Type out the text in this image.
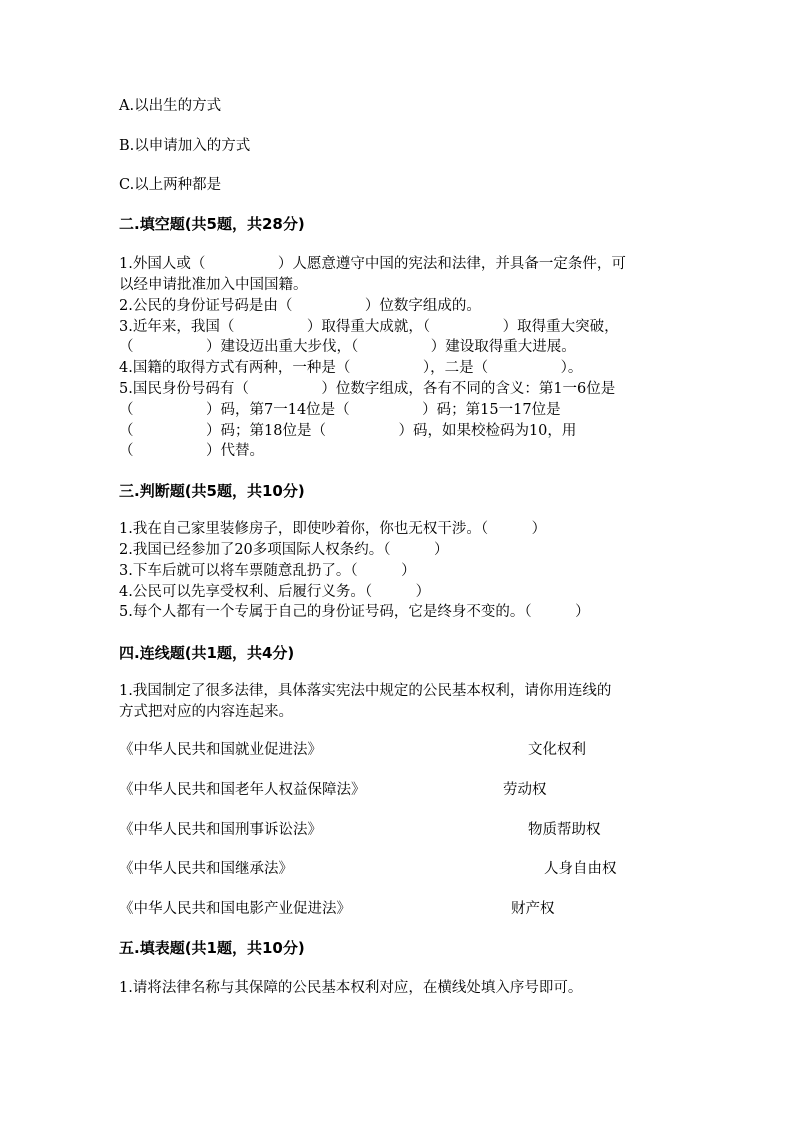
A.以出生的方式
B.以申请加入的方式
C.以上两种都是
二.填空题(共5题，共28分)
1.外国人或（　　　　　）人愿意遵守中国的宪法和法律，并具备一定条件，可
以经申请批准加入中国国籍。
2.公民的身份证号码是由（　　　　　）位数字组成的。
3.近年来，我国（　　　　　）取得重大成就，（　　　　　）取得重大突破，
（　　　　　）建设迈出重大步伐，（　　　　　）建设取得重大进展。
4.国籍的取得方式有两种，一种是（　　　　　），二是（　　　　　）。
5.国民身份号码有（　　　　　）位数字组成，各有不同的含义：第1一6位是
（　　　　　）码，第7一14位是（　　　　　）码；第15一17位是
（　　　　　）码；第18位是（　　　　　）码，如果校检码为10，用
（　　　　　）代替。
三.判断题(共5题，共10分)
1.我在自己家里装修房子，即使吵着你，你也无权干涉。（　　　）
2.我国已经参加了20多项国际人权条约。（　　　）
3.下车后就可以将车票随意乱扔了。（　　　）
4.公民可以先享受权利、后履行义务。（　　　）
5.每个人都有一个专属于自己的身份证号码，它是终身不变的。（　　　）
四.连线题(共1题，共4分)
1.我国制定了很多法律，具体落实宪法中规定的公民基本权利，请你用连线的
方式把对应的内容连起来。
《中华人民共和国就业促进法》	文化权利
《中华人民共和国老年人权益保障法》	劳动权
《中华人民共和国刑事诉讼法》	物质帮助权
《中华人民共和国继承法》	人身自由权
《中华人民共和国电影产业促进法》	财产权
五.填表题(共1题，共10分)
1.请将法律名称与其保障的公民基本权利对应，在横线处填入序号即可。
